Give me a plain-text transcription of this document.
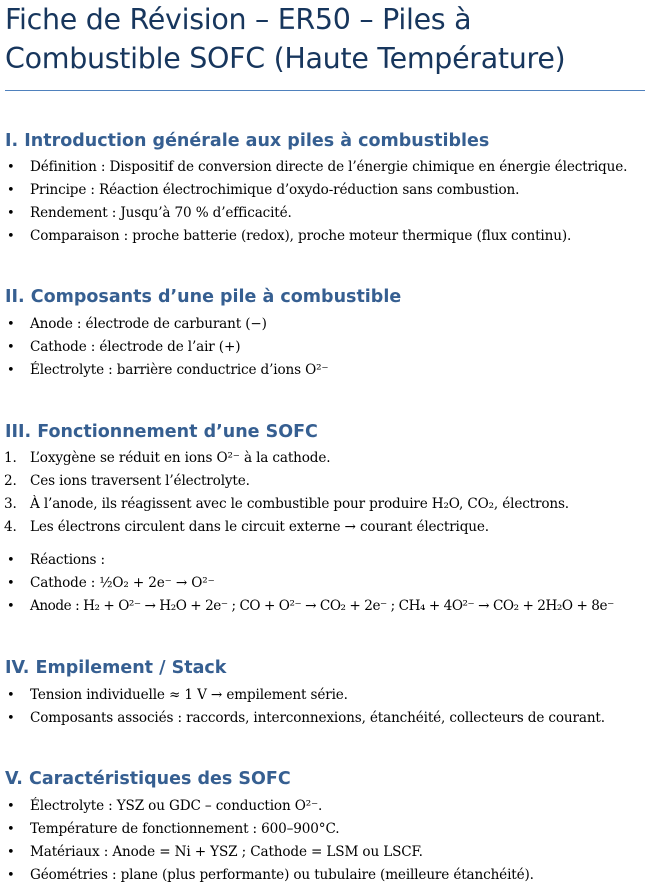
Fiche de Révision – ER50 – Piles à Combustible SOFC (Haute Température)
I. Introduction générale aux piles à combustibles
• Définition : Dispositif de conversion directe de l’énergie chimique en énergie électrique.
• Principe : Réaction électrochimique d’oxydo-réduction sans combustion.
• Rendement : Jusqu’à 70 % d’efficacité.
• Comparaison : proche batterie (redox), proche moteur thermique (flux continu).
II. Composants d’une pile à combustible
• Anode : électrode de carburant (−)
• Cathode : électrode de l’air (+)
• Électrolyte : barrière conductrice d’ions O²⁻
III. Fonctionnement d’une SOFC
1. L’oxygène se réduit en ions O²⁻ à la cathode.
2. Ces ions traversent l’électrolyte.
3. À l’anode, ils réagissent avec le combustible pour produire H₂O, CO₂, électrons.
4. Les électrons circulent dans le circuit externe → courant électrique.
• Réactions :
• Cathode : ½O₂ + 2e⁻ → O²⁻
• Anode : H₂ + O²⁻ → H₂O + 2e⁻ ; CO + O²⁻ → CO₂ + 2e⁻ ; CH₄ + 4O²⁻ → CO₂ + 2H₂O + 8e⁻
IV. Empilement / Stack
• Tension individuelle ≈ 1 V → empilement série.
• Composants associés : raccords, interconnexions, étanchéité, collecteurs de courant.
V. Caractéristiques des SOFC
• Électrolyte : YSZ ou GDC – conduction O²⁻.
• Température de fonctionnement : 600–900°C.
• Matériaux : Anode = Ni + YSZ ; Cathode = LSM ou LSCF.
• Géométries : plane (plus performante) ou tubulaire (meilleure étanchéité).
